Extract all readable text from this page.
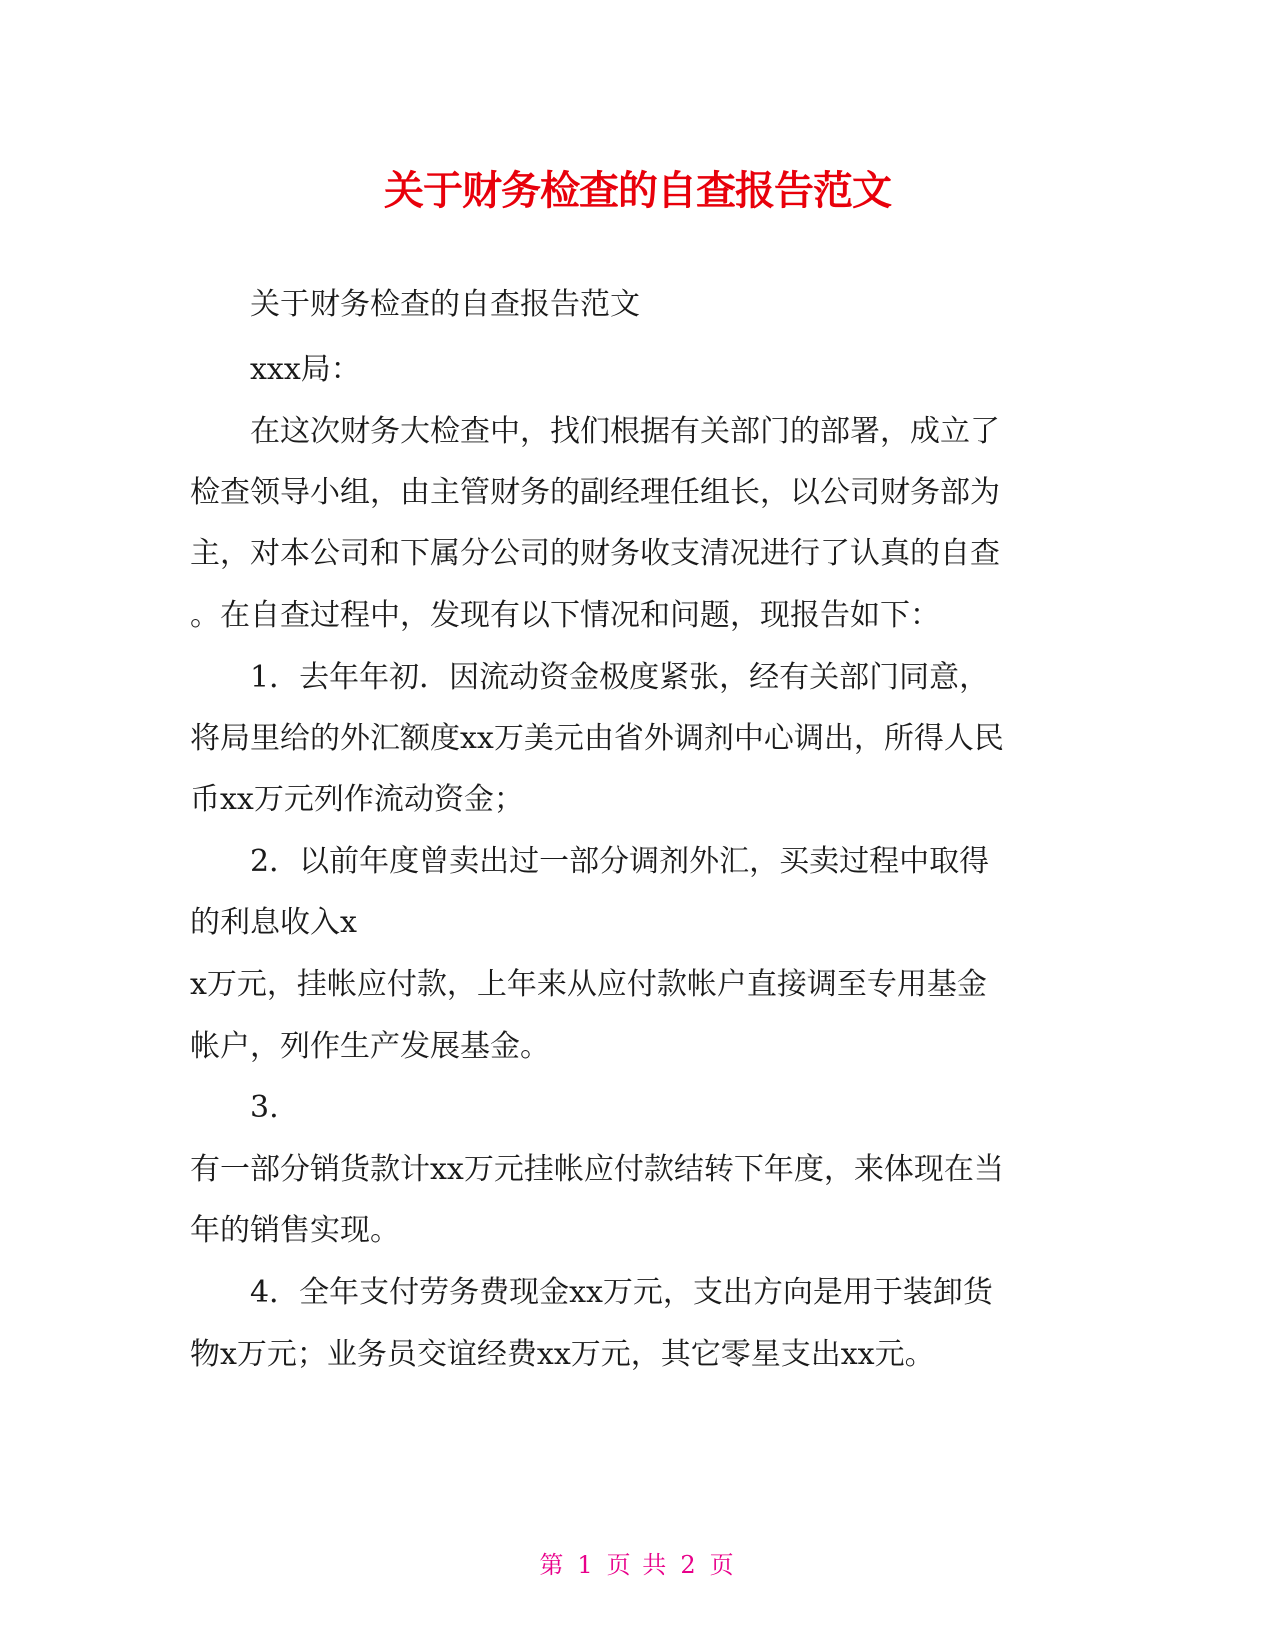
关于财务检查的自查报告范文
关于财务检查的自查报告范文
xxx局：
在这次财务大检查中，找们根据有关部门的部署，成立了
检查领导小组，由主管财务的副经理任组长，以公司财务部为
主，对本公司和下属分公司的财务收支清况进行了认真的自查
。在自查过程中，发现有以下情况和问题，现报告如下：
1．去年年初．因流动资金极度紧张，经有关部门同意，
将局里给的外汇额度xx万美元由省外调剂中心调出，所得人民
币xx万元列作流动资金；
2．以前年度曾卖出过一部分调剂外汇，买卖过程中取得
的利息收入x
x万元，挂帐应付款，上年来从应付款帐户直接调至专用基金
帐户，列作生产发展基金。
3.
有一部分销货款计xx万元挂帐应付款结转下年度，来体现在当
年的销售实现。
4．全年支付劳务费现金xx万元，支出方向是用于装卸货
物x万元；业务员交谊经费xx万元，其它零星支出xx元。
第 1 页 共 2 页
